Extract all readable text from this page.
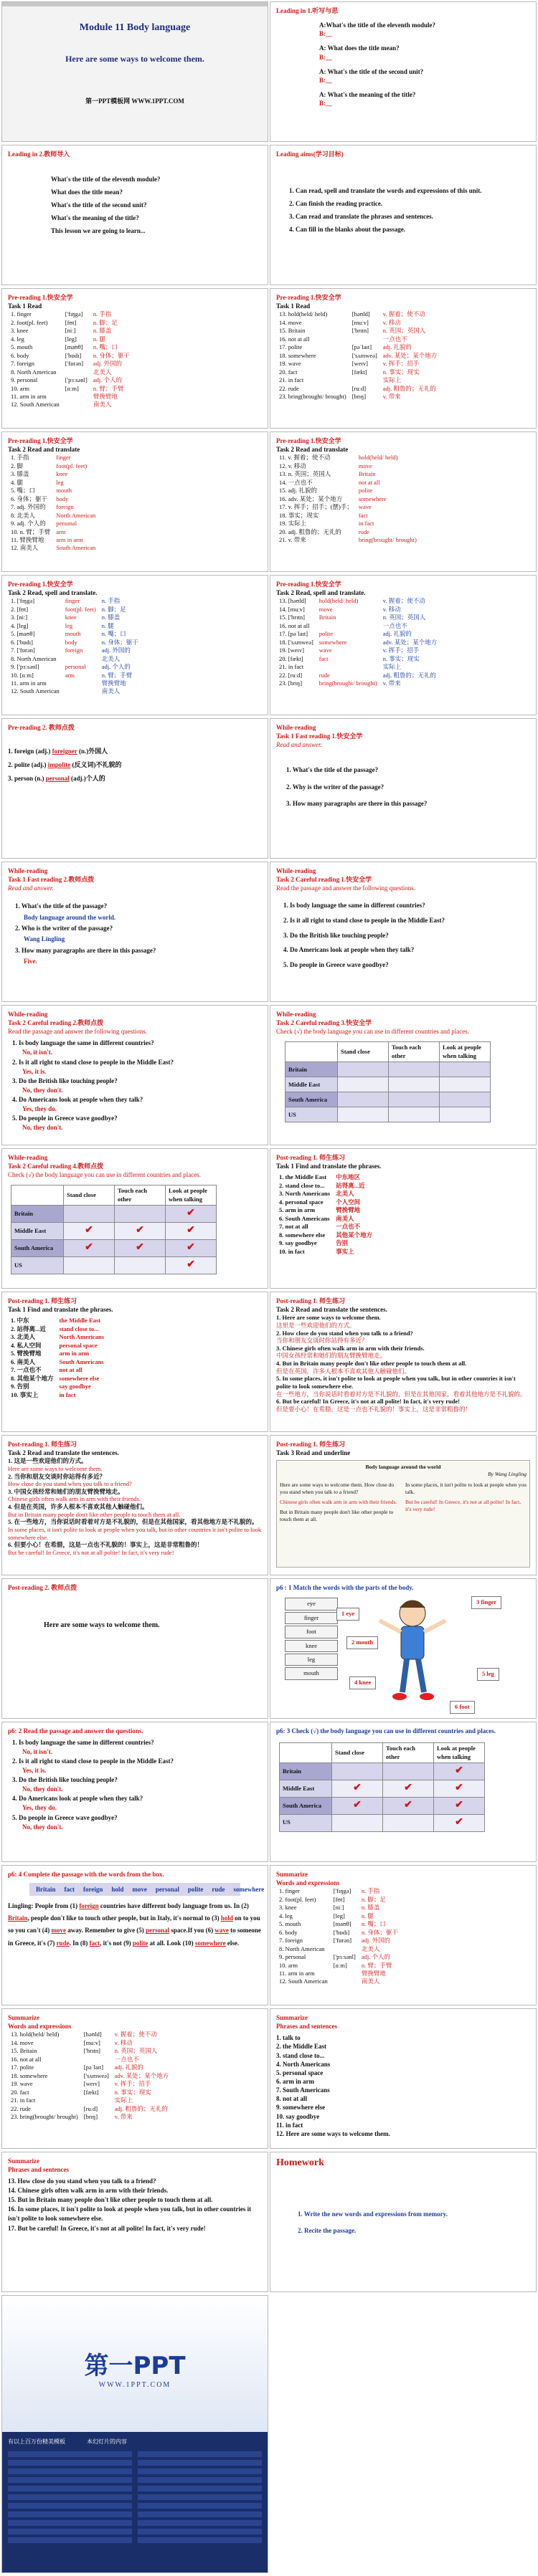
Module 11 Body language
Here are some ways to welcome them.
第一PPT模板网 WWW.1PPT.COM
Leading in 1.听写与思
A:What's the title of the eleventh module?
B:__
A: What does the title mean?
B:__
A: What's the title of the second unit?
B:__
A: What's the meaning of the title?
B:__
Leading in 2.教师导入
What's the title of the eleventh module?
What does the title mean?
What's the title of the second unit?
What's the meaning of the title?
This lesson we are going to learn...
Leading aims(学习目标)
1. Can read, spell and translate the words and expressions of this unit.
2. Can finish the reading practice.
3. Can read and translate the phrases and sentences.
4. Can fill in the blanks about the passage.
Pre-reading 1.快安全学
Task 1 Read
1. finger	['fɪŋgə]	n. 手指
2. foot(pl. feet)	[fʊt]	n. 脚；足
3. knee	[niː]	n. 膝盖
4. leg	[leg]	n. 腿
5. mouth	[maʊθ]	n. 嘴；口
6. body	['bɒdɪ]	n. 身体；躯干
7. foreign	['fɒrən]	adj. 外国的
8. North American		北美人
9. personal	['pɜːsənl]	adj. 个人的
10. arm	[ɑːm]	n. 臂；手臂
11. arm in arm		臂挽臂地
12. South American		南美人
Pre-reading 1.快安全学
Task 1 Read
13. hold(held/ held)	[həʊld]	v. 握着；使不动
14. move	[muːv]	v. 移动
15. Britain	['brɪtn]	n. 英国；英国人
16. not at all		一点也不
17. polite	[pəˈlaɪt]	adj. 礼貌的
18. somewhere	['sʌmweə]	adv. 某处；某个地方
19. wave	[weɪv]	v. 挥手；招手
20. fact	[fækt]	n. 事实；现实
21. in fact		实际上
22. rude	[ruːd]	adj. 粗鲁的；无礼的
23. bring(brought/ brought)	[brɪŋ]	v. 带来
Pre-reading 1.快安全学
Task 2 Read and translate
1. 手指	finger
2. 脚	foot(pl. feet)
3. 膝盖	knee
4. 腿	leg
5. 嘴；口	mouth
6. 身体；躯干	body
7. adj. 外国的	foreign
8. 北美人	North American
9. adj. 个人的	personal
10. n. 臂；手臂	arm
11. 臂挽臂地	arm in arm
12. 南美人	South American
Pre-reading 1.快安全学
Task 2 Read and translate
11. v. 握着；使不动	hold(held/ held)
12. v. 移动	move
13. n. 英国；英国人	Britain
14. 一点也不	not at all
15. adj. 礼貌的	polite
16. adv. 某处；某个地方	somewhere
17. v. 挥手；招手；(摆)手；	wave
18. 事实；现实	fact
19. 实际上	in fact
20. adj. 粗鲁的；无礼的	rude
21. v. 带来	bring(brought/ brought)
Pre-reading 1.快安全学
Task 2 Read, spell and translate.
1. ['fɪŋgə]	finger	n. 手指
2. [fʊt]	foot(pl. feet)	n. 脚；足
3. [niː]	knee	n. 膝盖
4. [leg]	leg	n. 腿
5. [maʊθ]	mouth	n. 嘴；口
6. ['bɒdɪ]	body	n. 身体；躯干
7. ['fɒrən]	foreign	adj. 外国的
8. North American		北美人
9. ['pɜːsənl]	personal	adj. 个人的
10. [ɑːm]	arm	n. 臂；手臂
11. arm in arm		臂挽臂地
12. South American		南美人
Pre-reading 1.快安全学
Task 2 Read, spell and translate.
13. [həʊld]	hold(held/ held)	v. 握着；使不动
14. [muːv]	move	v. 移动
15. ['brɪtn]	Britain	n. 英国；英国人
16. not at all		一点也不
17. [pəˈlaɪt]	polite	adj. 礼貌的
18. ['sʌmweə]	somewhere	adv. 某处；某个地方
19. [weɪv]	wave	v. 挥手；招手
20. [fækt]	fact	n. 事实；现实
21. in fact		实际上
22. [ruːd]	rude	adj. 粗鲁的；无礼的
23. [brɪŋ]	bring(brought/ brought)	v. 带来
Pre-reading 2. 教师点拨
1. foreign (adj.) foreigner (n.)外国人
2. polite (adj.) impolite (反义词)不礼貌的
3. person (n.) personal (adj.)个人的
While-reading
Task 1 Fast reading 1.快安全学
Read and answer.
1. What's the title of the passage?
2. Why is the writer of the passage?
3. How many paragraphs are there in this passage?
While-reading
Task 1 Fast reading 2.教师点拨
Read and answer.
1. What's the title of the passage?
Body language around the world.
2. Who is the writer of the passage?
Wang Lingling
3. How many paragraphs are there in this passage?
Five.
While-reading
Task 2 Careful reading 1.快安全学
Read the passage and answer the following questions.
1. Is body language the same in different countries?
2. Is it all right to stand close to people in the Middle East?
3. Do the British like touching people?
4. Do Americans look at people when they talk?
5. Do people in Greece wave goodbye?
While-reading
Task 2 Careful reading 2.教师点拨
Read the passage and answer the following questions.
1. Is body language the same in different countries?
No, it isn't.
2. Is it all right to stand close to people in the Middle East?
Yes, it is.
3. Do the British like touching people?
No, they don't.
4. Do Americans look at people when they talk?
Yes, they do.
5. Do people in Greece wave goodbye?
No, they don't.
While-reading
Task 2 Careful reading 3.快安全学
Check (√) the body language you can use in different countries and places.
	Stand close	Touch each other	Look at people when talking
Britain			
Middle East			
South America			
US			
While-reading
Task 2 Careful reading 4.教师点拨
Check (√) the body language you can use in different countries and places.
	Stand close	Touch each other	Look at people when talking
Britain			✔
Middle East	✔	✔	✔
South America	✔	✔	✔
US			✔
Post-reading 1. 师生练习
Task 1 Find and translate the phrases.
1. the Middle East	中东地区
2. stand close to...	站得离...近
3. North Americans	北美人
4. personal space	个人空间
5. arm in arm	臂挽臂地
6. South Americans	南美人
7. not at all	一点也不
8. somewhere else	其他某个地方
9. say goodbye	告别
10. in fact	事实上
Post-reading 1. 师生练习
Task 1 Find and translate the phrases.
1. 中东	the Middle East
2. 站得离...近	stand close to...
3. 北美人	North Americans
4. 私人空间	personal space
5. 臂挽臂地	arm in arm
6. 南美人	South Americans
7. 一点也不	not at all
8. 其他某个地方	somewhere else
9. 告别	say goodbye
10. 事实上	in fact
Post-reading 1. 师生练习
Task 2 Read and translate the sentences.
1. Here are some ways to welcome them.
这里是一些欢迎他们的方式。
2. How close do you stand when you talk to a friend?
当你和朋友交谈时你站得有多近？
3. Chinese girls often walk arm in arm with their friends.
中国女孩经常和她们的朋友臂挽臂地走。
4. But in Britain many people don't like other people to touch them at all.
但是在英国，许多人根本不喜欢其他人触碰他们。
5. In some places, it isn't polite to look at people when you talk, but in other countries it isn't polite to look somewhere else.
在一些地方，当你说话时看着对方是不礼貌的，但是在其他国家，看着其他地方是不礼貌的。
6. But be careful! In Greece, it's not at all polite! In fact, it's very rude!
但是要小心！在希腊，这是一点也不礼貌的！事实上，这是非常粗鲁的！
Post-reading 1. 师生练习
Task 2 Read and translate the sentences.
1. 这是一些欢迎他们的方式。
Here are some ways to welcome them.
2. 当你和朋友交谈时你站得有多近？
How close do you stand when you talk to a friend?
3. 中国女孩经常和她们的朋友臂挽臂地走。
Chinese girls often walk arm in arm with their friends.
4. 但是在英国，许多人根本不喜欢其他人触碰他们。
But in Britain many people don't like other people to touch them at all.
5. 在一些地方，当你说话时看着对方是不礼貌的，但是在其他国家，看其他地方是不礼貌的。
In some places, it isn't polite to look at people when you talk, but in other countries it isn't polite to look somewhere else.
6. 但要小心！在希腊，这是一点也不礼貌的！事实上，这是非常粗鲁的！
But be careful! In Greece, it's not at all polite! In fact, it's very rude!
Post-reading 1. 师生练习
Task 3 Read and underline
Body language around the world
By Wang Lingling
Here are some ways to welcome them. How close do you stand when you talk to a friend?
Chinese girls often walk arm in arm with their friends.
But in Britain many people don't like other people to touch them at all.
In some places, it isn't polite to look at people when you talk.
But be careful! In Greece, it's not at all polite! In fact, it's very rude!
Post-reading 2. 教师点拨
Here are some ways to welcome them.
p6 : 1 Match the words with the parts of the body.
eye
finger
foot
knee
leg
mouth
3 finger
2 mouth
5 leg
4 knee
1 eye
6 foot
p6: 2 Read the passage and answer the questions.
1. Is body language the same in different countries?
No, it isn't.
2. Is it all right to stand close to people in the Middle East?
Yes, it is.
3. Do the British like touching people?
No, they don't.
4. Do Americans look at people when they talk?
Yes, they do.
5. Do people in Greece wave goodbye?
No, they don't.
p6: 3 Check (√) the body language you can use in different countries and places.
	Stand close	Touch each other	Look at people when talking
Britain			✔
Middle East	✔	✔	✔
South America	✔	✔	✔
US			✔
p6: 4 Complete the passage with the words from the box.
Britain fact foreign hold move personal polite rude somewhere
Lingling: People from (1) foreign countries have different body language from us. In (2) Britain, people don't like to touch other people, but in Italy, it's normal to (3) hold on to you so you can't (4) move away. Remember to give (5) personal space.If you (6) wave to someone in Greece, it's (7) rude. In (8) fact, it's not (9) polite at all. Look (10) somewhere else.
Summarize
Words and expressions
1. finger	['fɪŋgə]	n. 手指
2. foot(pl. feet)	[fʊt]	n. 脚；足
3. knee	[niː]	n. 膝盖
4. leg	[leg]	n. 腿
5. mouth	[maʊθ]	n. 嘴；口
6. body	['bɒdɪ]	n. 身体；躯干
7. foreign	['fɒrən]	adj. 外国的
8. North American		北美人
9. personal	['pɜːsənl]	adj. 个人的
10. arm	[ɑːm]	n. 臂；手臂
11. arm in arm		臂挽臂地
12. South American		南美人
Summarize
Words and expressions
13. hold(held/ held)	[həʊld]	v. 握着；使不动
14. move	[muːv]	v. 移动
15. Britain	['brɪtn]	n. 英国；英国人
16. not at all		一点也不
17. polite	[pəˈlaɪt]	adj. 礼貌的
18. somewhere	['sʌmweə]	adv. 某处；某个地方
19. wave	[weɪv]	v. 挥手；招手
20. fact	[fækt]	n. 事实；现实
21. in fact		实际上
22. rude	[ruːd]	adj. 粗鲁的；无礼的
23. bring(brought/ brought)	[brɪŋ]	v. 带来
Summarize
Phrases and sentences
1. talk to
2. the Middle East
3. stand close to...
4. North Americans
5. personal space
6. arm in arm
7. South Americans
8. not at all
9. somewhere else
10. say goodbye
11. in fact
12. Here are some ways to welcome them.
Summarize
Phrases and sentences
13. How close do you stand when you talk to a friend?
14. Chinese girls often walk arm in arm with their friends.
15. But in Britain many people don't like other people to touch them at all.
16. In some places, it isn't polite to look at people when you talk, but in other countries it isn't polite to look somewhere else.
17. But be careful! In Greece, it's not at all polite! In fact, it's very rude!
Homework
1. Write the new words and expressions from memory.
2. Recite the passage.
第一PPT
WWW.1PPT.COM
有以上百万份精美模板	本幻灯片的内容
